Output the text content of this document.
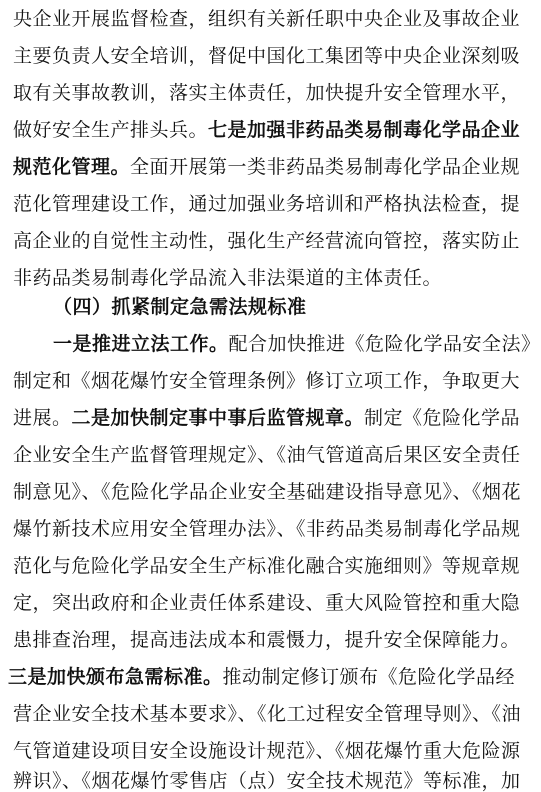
央企业开展监督检查，组织有关新任职中央企业及事故企业
主要负责人安全培训，督促中国化工集团等中央企业深刻吸
取有关事故教训，落实主体责任，加快提升安全管理水平，
做好安全生产排头兵。七是加强非药品类易制毒化学品企业
规范化管理。全面开展第一类非药品类易制毒化学品企业规
范化管理建设工作，通过加强业务培训和严格执法检查，提
高企业的自觉性主动性，强化生产经营流向管控，落实防止
非药品类易制毒化学品流入非法渠道的主体责任。
（四）抓紧制定急需法规标准
一是推进立法工作。配合加快推进《危险化学品安全法》
制定和《烟花爆竹安全管理条例》修订立项工作，争取更大
进展。二是加快制定事中事后监管规章。制定《危险化学品
企业安全生产监督管理规定》、《油气管道高后果区安全责任
制意见》、《危险化学品企业安全基础建设指导意见》、《烟花
爆竹新技术应用安全管理办法》、《非药品类易制毒化学品规
范化与危险化学品安全生产标准化融合实施细则》等规章规
定，突出政府和企业责任体系建设、重大风险管控和重大隐
患排查治理，提高违法成本和震慑力，提升安全保障能力。
三是加快颁布急需标准。推动制定修订颁布《危险化学品经
营企业安全技术基本要求》、《化工过程安全管理导则》、《油
气管道建设项目安全设施设计规范》、《烟花爆竹重大危险源
辨识》、《烟花爆竹零售店（点）安全技术规范》等标准，加
